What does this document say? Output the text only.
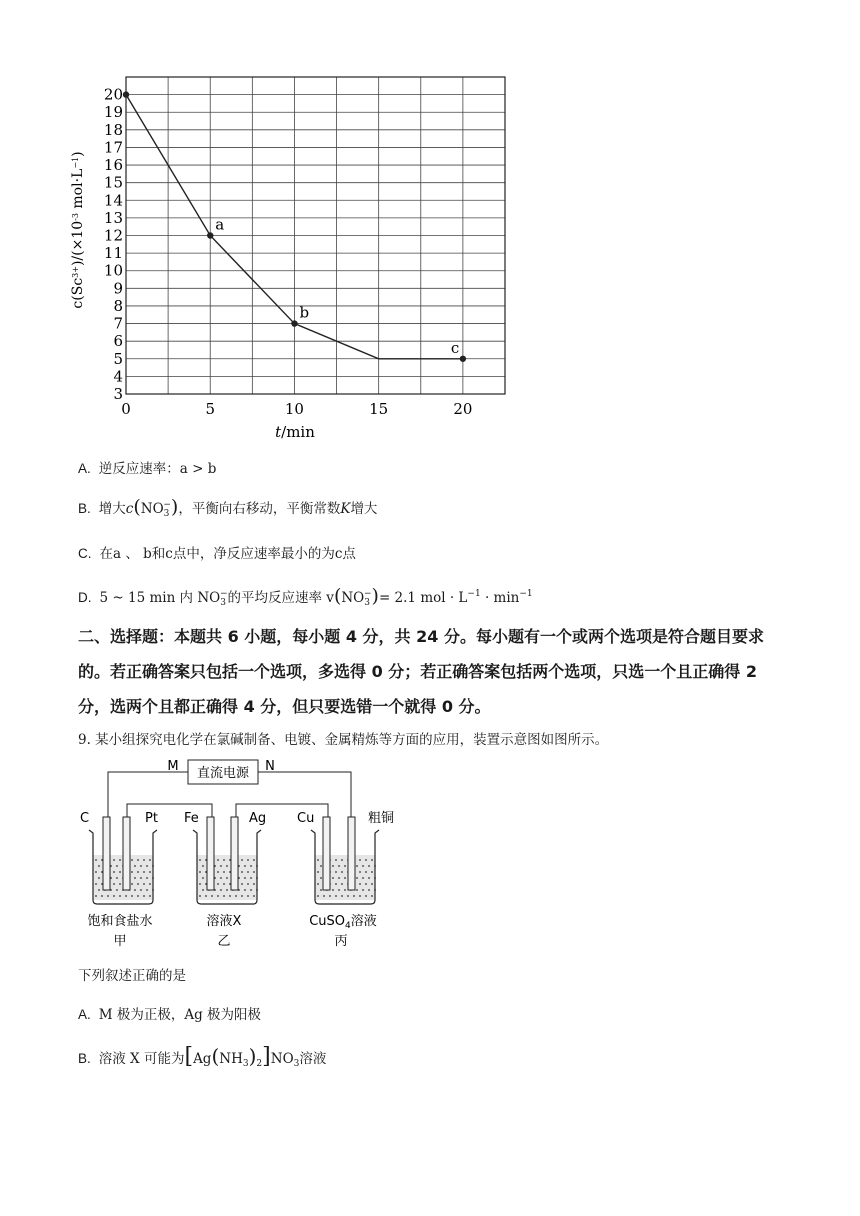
a
b
c
0	5	10	15	20
3
4
5
6
7
8
9
10
11
12
13
14
15
16
17
18
19
20
$c(Sc^{3+})/(\times 10^{-3}$ $mol\cdot L^{-1}$)
t/min
A. 逆反应速率：a > b
B. 增大$c(NO_3^-)$，平衡向右移动，平衡常数K增大
C. 在a 、 b和c点中，净反应速率最小的为c点
D. 5 ~ 15 min 内 $NO_3^-$的平均反应速率 $v(NO_3^-)= 2.1$ mol · $L^{-1} \cdot \min^{-1}$
二、选择题：本题共 6 小题，每小题 4 分，共 24 分。每小题有一个或两个选项是符合题目要求的。若正确答案只包括一个选项，多选得 0 分；若正确答案包括两个选项，只选一个且正确得 2 分，选两个且都正确得 4 分，但只要选错一个就得 0 分。
9. 某小组探究电化学在氯碱制备、电镀、金属精炼等方面的应用，装置示意图如图所示。
直流电源
M	N
C	Pt Fe	Ag Cu	粗铜
饱和食盐水	溶液X	CuSO$_4$溶液
甲	乙	丙
下列叙述正确的是
A. M 极为正极，Ag 极为阳极
B. 溶液 X 可能为$[Ag(NH_3)_2]NO_3$溶液
